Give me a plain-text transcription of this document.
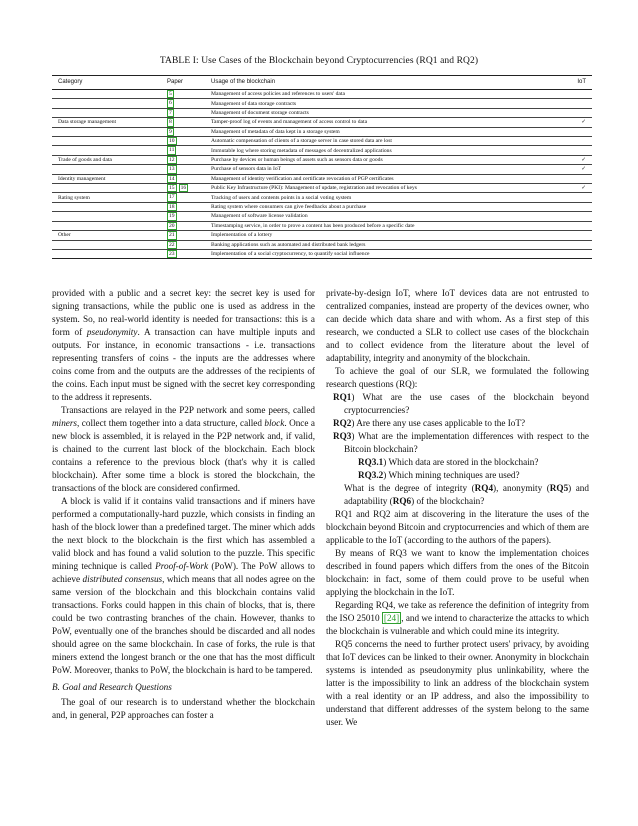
TABLE I: Use Cases of the Blockchain beyond Cryptocurrencies (RQ1 and RQ2)
Category	Paper	Usage of the blockchain	IoT
	5	Management of access policies and references to users' data	
	6	Management of data storage contracts	
	7	Management of document storage contracts	
Data storage management	8	Tamper-proof log of events and management of access control to data	✓
	9	Management of metadata of data kept in a storage system	
	10	Automatic compensation of clients of a storage server in case stored data are lost	
	11	Immutable log where storing metadata of messages of decentralized applications	
Trade of goods and data	12	Purchase by devices or human beings of assets such as sensors data or goods	✓
	13	Purchase of sensors data in IoT	✓
Identity management	14	Management of identity verification and certificate revocation of PGP certificates	
	15 16	Public Key Infrastructure (PKI): Management of update, registration and revocation of keys	✓
Rating system	17	Tracking of users and contents points in a social voting system	
	18	Rating system where consumers can give feedbacks about a purchase	
	19	Management of software license validation	
	20	Timestamping service, in order to prove a content has been produced before a specific date	
Other	21	Implementation of a lottery	
	22	Banking applications such as automated and distributed bank ledgers	
	23	Implementation of a social cryptocurrency, to quantify social influence	

provided with a public and a secret key: the secret key is used for signing transactions, while the public one is used as address in the system. So, no real-world identity is needed for transactions: this is a form of pseudonymity. A transaction can have multiple inputs and outputs. For instance, in economic transactions - i.e. transactions representing transfers of coins - the inputs are the addresses where coins come from and the outputs are the addresses of the recipients of the coins. Each input must be signed with the secret key corresponding to the address it represents.

Transactions are relayed in the P2P network and some peers, called miners, collect them together into a data structure, called block. Once a new block is assembled, it is relayed in the P2P network and, if valid, is chained to the current last block of the blockchain. Each block contains a reference to the previous block (that's why it is called blockchain). After some time a block is stored the blockchain, the transactions of the block are considered confirmed.

A block is valid if it contains valid transactions and if miners have performed a computationally-hard puzzle, which consists in finding an hash of the block lower than a predefined target. The miner which adds the next block to the blockchain is the first which has assembled a valid block and has found a valid solution to the puzzle. This specific mining technique is called Proof-of-Work (PoW). The PoW allows to achieve distributed consensus, which means that all nodes agree on the same version of the blockchain and this blockchain contains valid transactions. Forks could happen in this chain of blocks, that is, there could be two contrasting branches of the chain. However, thanks to PoW, eventually one of the branches should be discarded and all nodes should agree on the same blockchain. In case of forks, the rule is that miners extend the longest branch or the one that has the most difficult PoW. Moreover, thanks to PoW, the blockchain is hard to be tampered.

B. Goal and Research Questions

The goal of our research is to understand whether the blockchain and, in general, P2P approaches can foster a

private-by-design IoT, where IoT devices data are not entrusted to centralized companies, instead are property of the devices owner, who can decide which data share and with whom. As a first step of this research, we conducted a SLR to collect use cases of the blockchain and to collect evidence from the literature about the level of adaptability, integrity and anonymity of the blockchain.

To achieve the goal of our SLR, we formulated the following research questions (RQ):

RQ1) What are the use cases of the blockchain beyond cryptocurrencies?

RQ2) Are there any use cases applicable to the IoT?

RQ3) What are the implementation differences with respect to the Bitcoin blockchain?

RQ3.1) Which data are stored in the blockchain?

RQ3.2) Which mining techniques are used?

What is the degree of integrity (RQ4), anonymity (RQ5) and adaptability (RQ6) of the blockchain?

RQ1 and RQ2 aim at discovering in the literature the uses of the blockchain beyond Bitcoin and cryptocurrencies and which of them are applicable to the IoT (according to the authors of the papers).

By means of RQ3 we want to know the implementation choices described in found papers which differs from the ones of the Bitcoin blockchain: in fact, some of them could prove to be useful when applying the blockchain in the IoT.

Regarding RQ4, we take as reference the definition of integrity from the ISO 25010 [24] , and we intend to characterize the attacks to which the blockchain is vulnerable and which could mine its integrity.

RQ5 concerns the need to further protect users' privacy, by avoiding that IoT devices can be linked to their owner. Anonymity in blockchain systems is intended as pseudonymity plus unlinkability, where the latter is the impossibility to link an address of the blockchain system with a real identity or an IP address, and also the impossibility to understand that different addresses of the system belong to the same user. We
